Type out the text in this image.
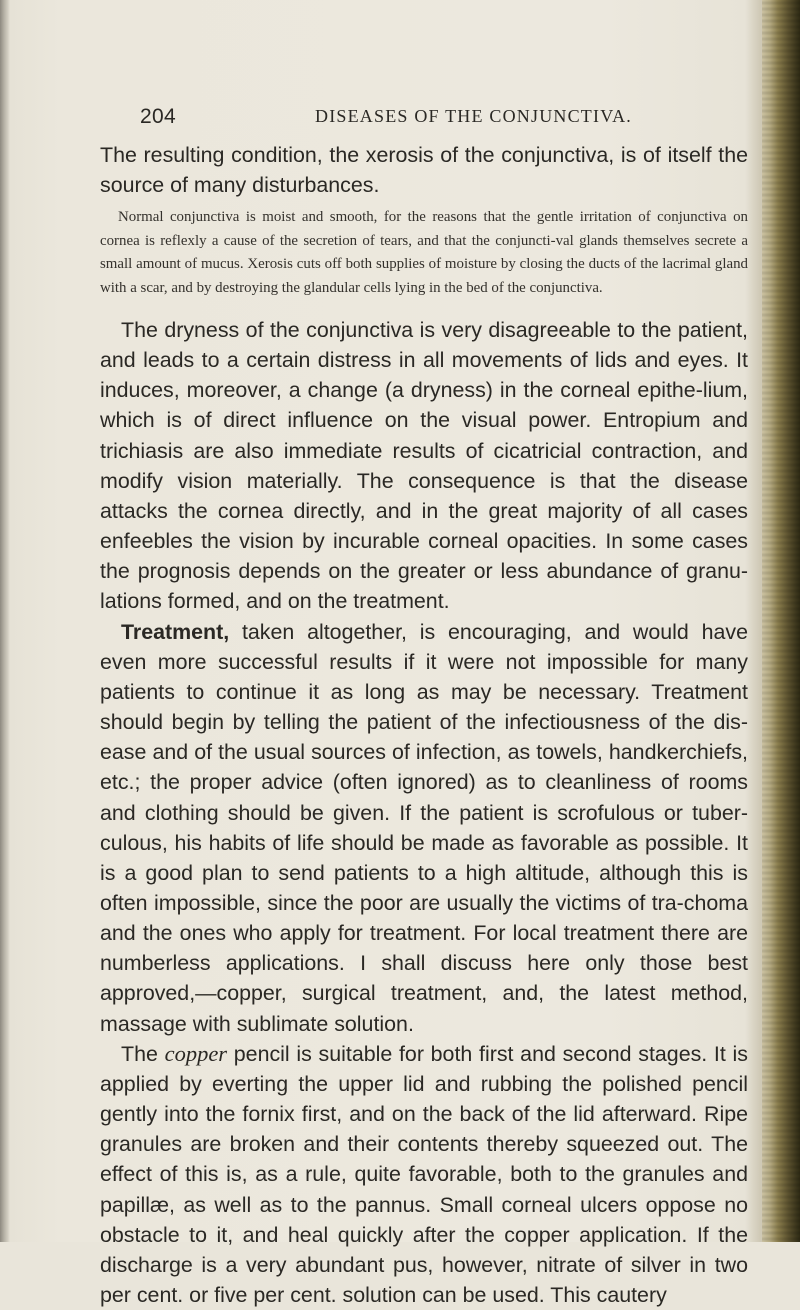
204	DISEASES OF THE CONJUNCTIVA.

The resulting condition, the xerosis of the conjunctiva, is of itself the source of many disturbances.

Normal conjunctiva is moist and smooth, for the reasons that the gentle irritation of conjunctiva on cornea is reflexly a cause of the secretion of tears, and that the conjuncti-val glands themselves secrete a small amount of mucus. Xerosis cuts off both supplies of moisture by closing the ducts of the lacrimal gland with a scar, and by destroying the glandular cells lying in the bed of the conjunctiva.

The dryness of the conjunctiva is very disagreeable to the patient, and leads to a certain distress in all movements of lids and eyes. It induces, moreover, a change (a dryness) in the corneal epithe-lium, which is of direct influence on the visual power. Entropium and trichiasis are also immediate results of cicatricial contraction, and modify vision materially. The consequence is that the disease attacks the cornea directly, and in the great majority of all cases enfeebles the vision by incurable corneal opacities. In some cases the prognosis depends on the greater or less abundance of granu-lations formed, and on the treatment.

Treatment, taken altogether, is encouraging, and would have even more successful results if it were not impossible for many patients to continue it as long as may be necessary. Treatment should begin by telling the patient of the infectiousness of the dis-ease and of the usual sources of infection, as towels, handkerchiefs, etc.; the proper advice (often ignored) as to cleanliness of rooms and clothing should be given. If the patient is scrofulous or tuber-culous, his habits of life should be made as favorable as possible. It is a good plan to send patients to a high altitude, although this is often impossible, since the poor are usually the victims of tra-choma and the ones who apply for treatment. For local treatment there are numberless applications. I shall discuss here only those best approved,—copper, surgical treatment, and, the latest method, massage with sublimate solution.

The copper pencil is suitable for both first and second stages. It is applied by everting the upper lid and rubbing the polished pencil gently into the fornix first, and on the back of the lid afterward. Ripe granules are broken and their contents thereby squeezed out. The effect of this is, as a rule, quite favorable, both to the granules and papillæ, as well as to the pannus. Small corneal ulcers oppose no obstacle to it, and heal quickly after the copper application. If the discharge is a very abundant pus, however, nitrate of silver in two per cent. or five per cent. solution can be used. This cautery
